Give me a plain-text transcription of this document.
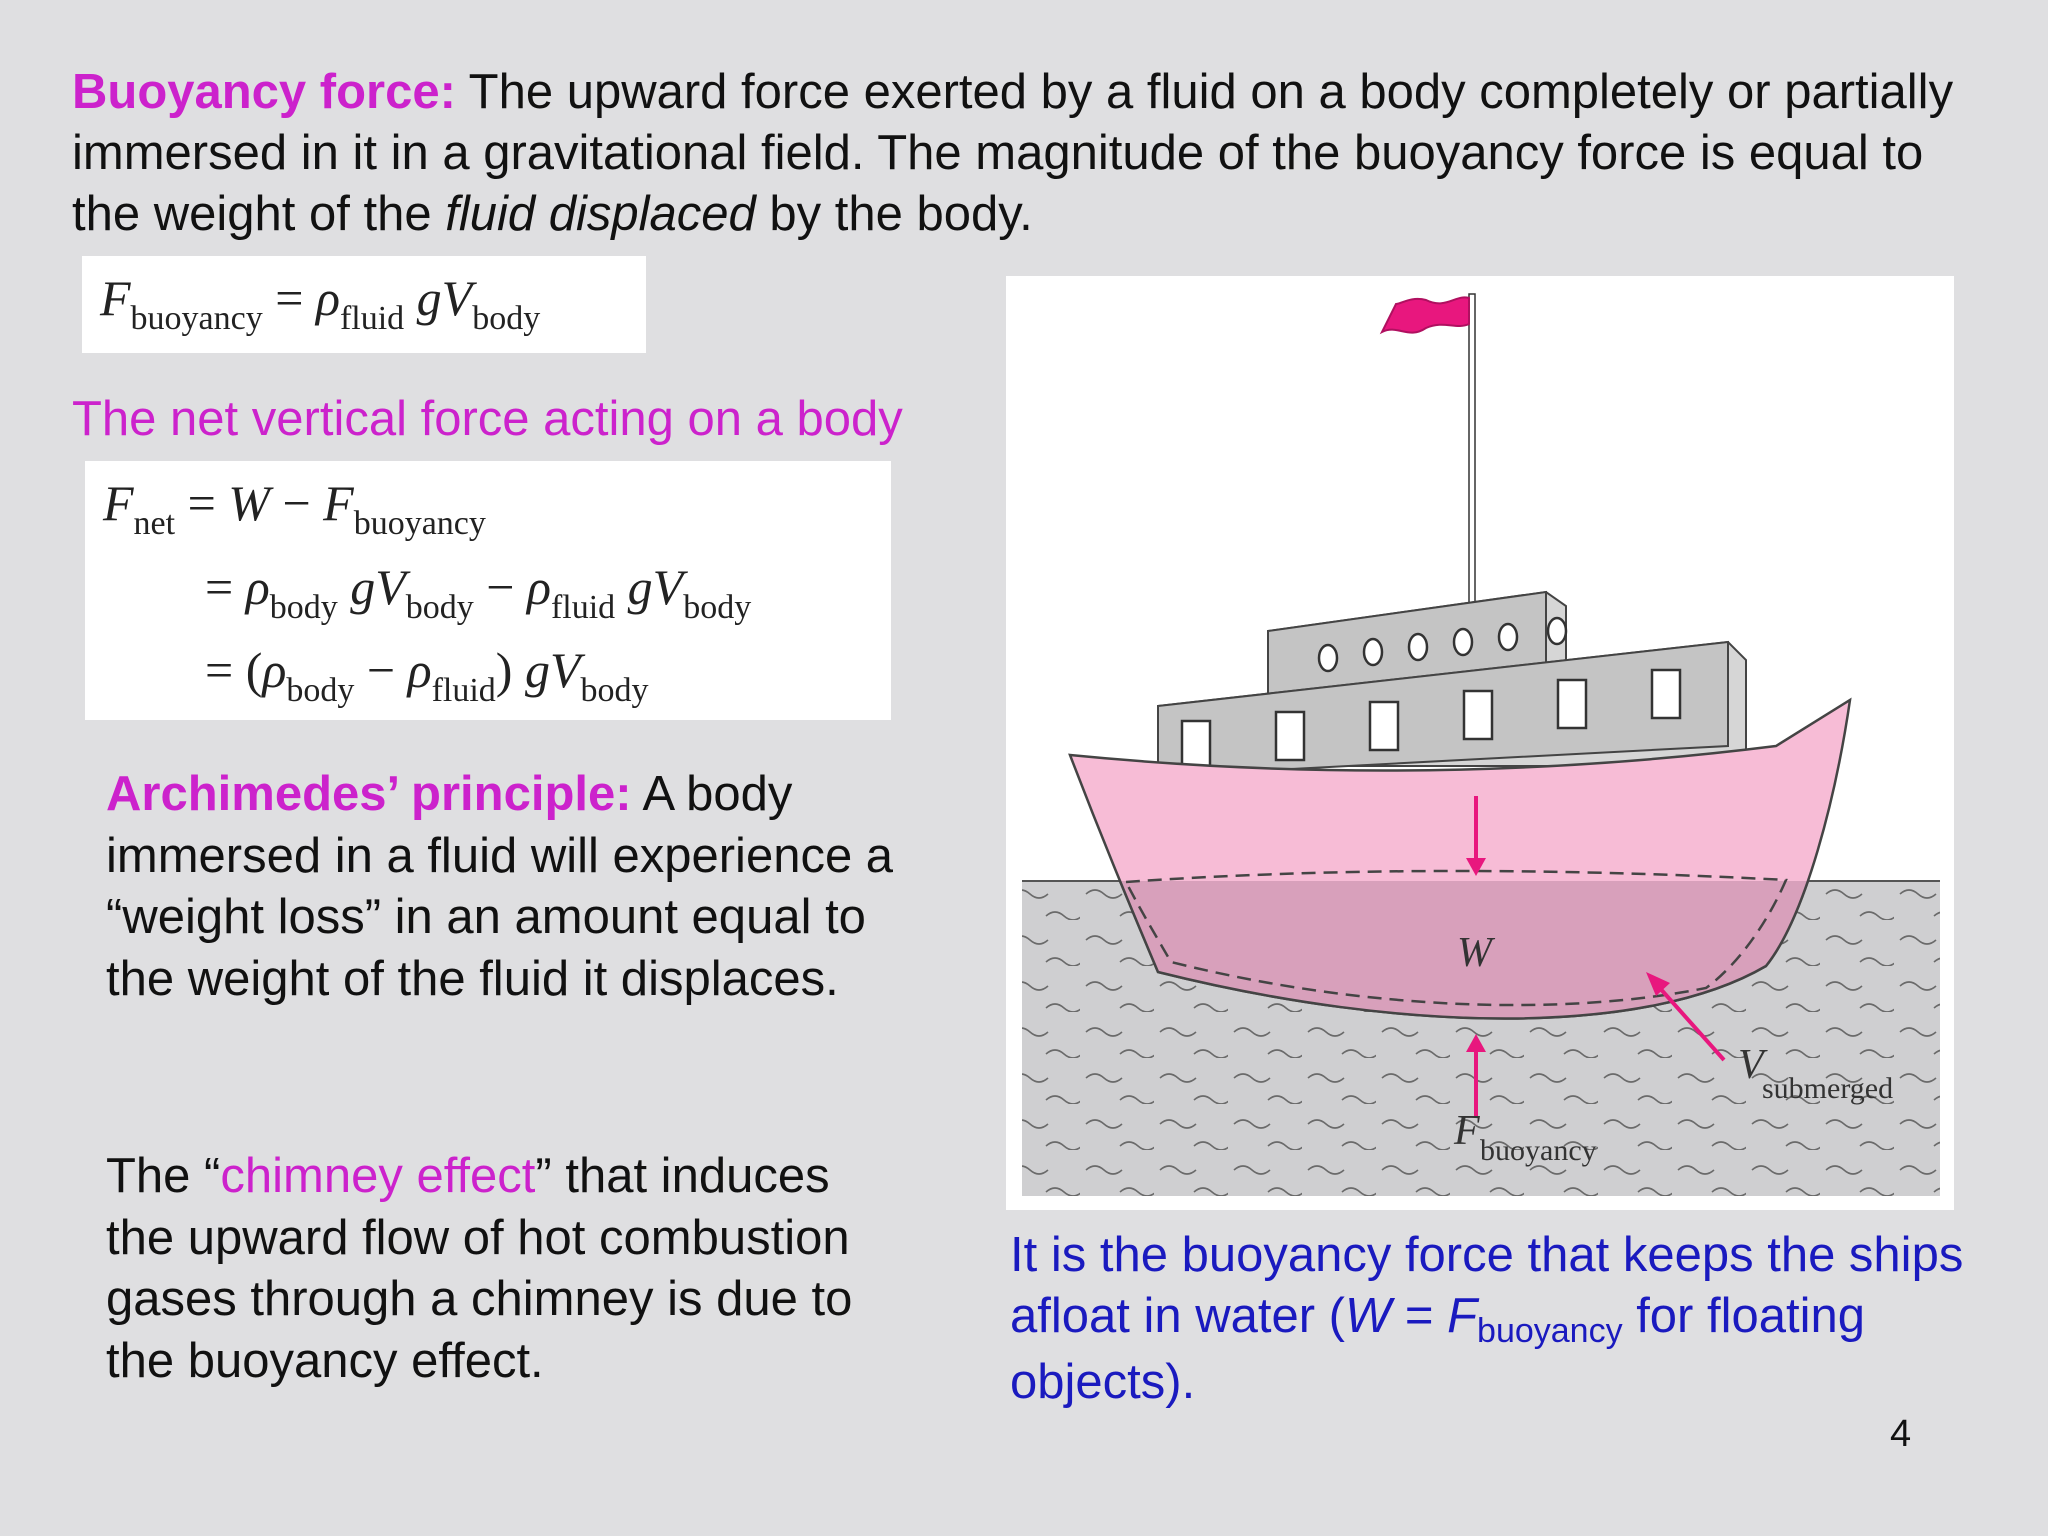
Buoyancy force: The upward force exerted by a fluid on a body completely or partially immersed in it in a gravitational field. The magnitude of the buoyancy force is equal to the weight of the fluid displaced by the body.

$F_{buoyancy} = \rho_{fluid}$ $gV_{body}$

The net vertical force acting on a body

$F_{net} = W - F_{buoyancy}$
= $\rho_{body}$ $gV_{body} - \rho_{fluid}$ $gV_{body}$
= $(\rho_{body} - \rho_{fluid})$ $gV_{body}$

Archimedes’ principle: A body immersed in a fluid will experience a “weight loss” in an amount equal to the weight of the fluid it displaces.

The “chimney effect” that induces the upward flow of hot combustion gases through a chimney is due to the buoyancy effect.

W
F buoyancy
V
submerged

It is the buoyancy force that keeps the ships afloat in water ($W = F_{buoyancy}$ for floating objects).

4
